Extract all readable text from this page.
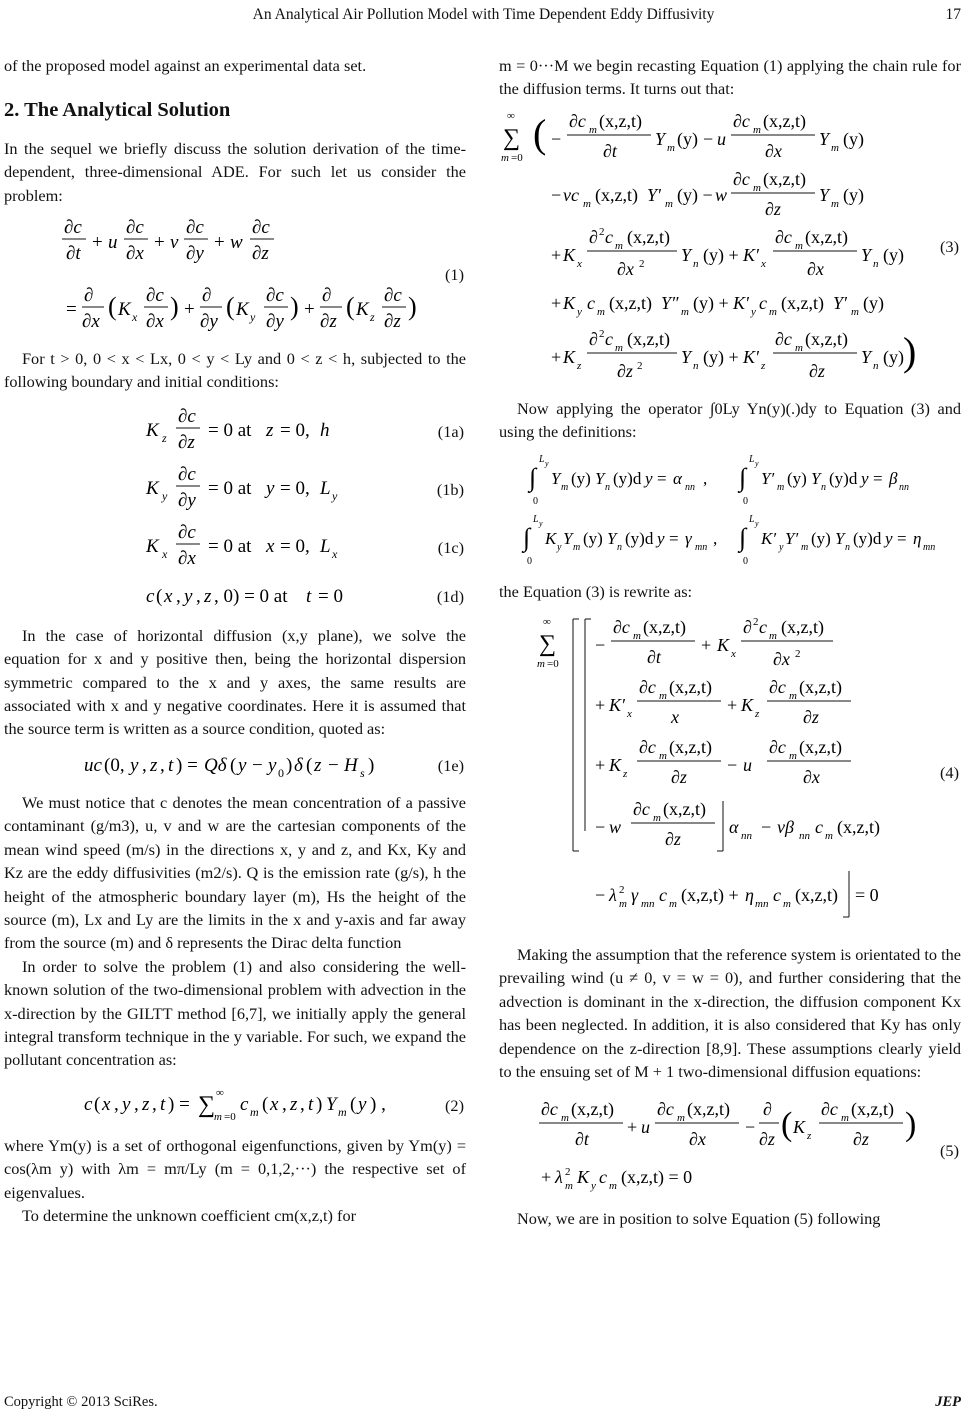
An Analytical Air Pollution Model with Time Dependent Eddy Diffusivity	17

of the proposed model against an experimental data set.

2. The Analytical Solution

In the sequel we briefly discuss the solution derivation of the time-dependent, three-dimensional ADE. For such let us consider the problem:

∂c
∂t
+ u
∂c
∂x
+ v
∂c
∂y
+ w
∂c
∂z
=
∂
∂x
( K x
∂c
∂x
) +
∂
∂y
( K y
∂c
∂y
) +
∂
∂z
( K z
∂c
∂z
)
(1)

For t > 0, 0 < x < Lx, 0 < y < Ly and 0 < z < h, subjected to the following boundary and initial conditions:

K z
∂c
∂z
= 0 at z = 0, h	(1a)
K y
∂c
∂y
= 0 at y = 0, L y	(1b)
K x
∂c
∂x
= 0 at x = 0, L x	(1c)
c ( x , y , z , 0) = 0 at t = 0	(1d)

In the case of horizontal diffusion (x,y plane), we solve the equation for x and y positive then, being the horizontal dispersion symmetric compared to the x and y axes, the same results are associated with x and y negative coordinates. Here it is assumed that the source term is written as a source condition, quoted as:

uc (0, y , z , t ) = Qδ ( y − y 0 ) δ ( z − H s )	(1e)

We must notice that c denotes the mean concentration of a passive contaminant (g/m3), u, v and w are the cartesian components of the mean wind speed (m/s) in the directions x, y and z, and Kx, Ky and Kz are the eddy diffusivities (m2/s). Q is the emission rate (g/s), h the height of the atmospheric boundary layer (m), Hs the height of the source (m), Lx and Ly are the limits in the x and y-axis and far away from the source (m) and δ represents the Dirac delta function

In order to solve the problem (1) and also considering the well-known solution of the two-dimensional problem with advection in the x-direction by the GILTT method [6,7], we initially apply the general integral transform technique in the y variable. For such, we expand the pollutant concentration as:

c ( x , y , z , t ) = ∑ ∞
m =0
c m ( x , z , t ) Y m ( y ) ,	(2)

where Ym(y) is a set of orthogonal eigenfunctions, given by Ym(y) = cos(λm y) with λm = mπ/Ly (m = 0,1,2,···) the respective set of eigenvalues.

To determine the unknown coefficient cm(x,z,t) for

m = 0···M we begin recasting Equation (1) applying the chain rule for the diffusion terms. It turns out that:

∑
∞
m =0
( −
∂c m (x,z,t)
∂t
Y m (y) − u
∂c m (x,z,t)
∂x
Y m (y)
− vc m (x,z,t) Y′ m (y) − w
∂c m (x,z,t)
∂z
Y m (y)
+ K x
∂ 2 c m (x,z,t)
∂x 2 Y n (y) + K′ x
∂c m (x,z,t)
∂x
Y n (y)
+ K y c m (x,z,t) Y″ m (y) + K′ y c m (x,z,t) Y′ m (y)
+ K z
∂ 2 c m (x,z,t)
∂z 2 Y n (y) + K′ z
∂c m (x,z,t)
∂z
Y n (y) )
(3)

Now applying the operator ∫0Ly Yn(y)(.)dy to Equation (3) and using the definitions:

∫
L y
0
Y m (y) Y n (y)d y = α nn , ∫
L y
0
Y′ m (y) Y n (y)d y = β nn
∫
L y
0
K y Y m (y) Y n (y)d y = γ mn , ∫
L y
0
K′ y Y′ m (y) Y n (y)d y = η mn

the Equation (3) is rewrite as:

∑
∞
m =0
−
∂c m (x,z,t)
∂t
+ K x
∂ 2 c m (x,z,t)
∂x 2
+ K′ x
∂c m (x,z,t)
x
+ K z
∂c m (x,z,t)
∂z
+ K z
∂c m (x,z,t)
∂z
− u
∂c m (x,z,t)
∂x
− w
∂c m (x,z,t)
∂z
α nn − vβ nn c m (x,z,t)
− λ 2
m γ mn c m (x,z,t) + η mn c m (x,z,t) = 0
(4)

Making the assumption that the reference system is orientated to the prevailing wind (u ≠ 0, v = w = 0), and further considering that the advection is dominant in the x-direction, the diffusion component Kx has been neglected. In addition, it is also considered that Ky has only dependence on the z-direction [8,9]. These assumptions clearly yield to the ensuing set of M + 1 two-dimensional diffusion equations:

∂c m (x,z,t)
∂t
+ u
∂c m (x,z,t)
∂x
−
∂
∂z ( K z
∂c m (x,z,t)
∂z )
+ λ 2
m K y c m (x,z,t) = 0
(5)

Now, we are in position to solve Equation (5) following

Copyright © 2013 SciRes.	JEP
